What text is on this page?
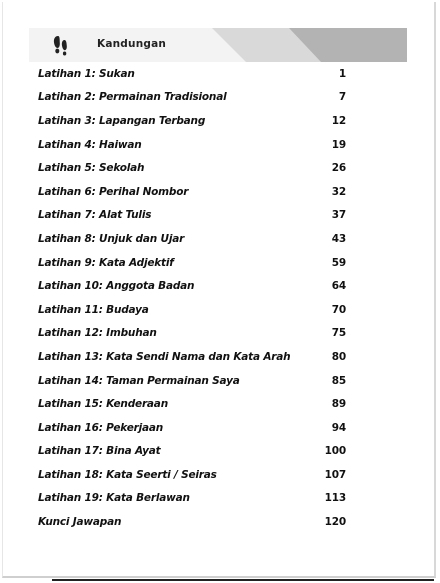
Kandungan
Latihan 1: Sukan	1
Latihan 2: Permainan Tradisional	7
Latihan 3: Lapangan Terbang	12
Latihan 4: Haiwan	19
Latihan 5: Sekolah	26
Latihan 6: Perihal Nombor	32
Latihan 7: Alat Tulis	37
Latihan 8: Unjuk dan Ujar	43
Latihan 9: Kata Adjektif	59
Latihan 10: Anggota Badan	64
Latihan 11: Budaya	70
Latihan 12: Imbuhan	75
Latihan 13: Kata Sendi Nama dan Kata Arah	80
Latihan 14: Taman Permainan Saya	85
Latihan 15: Kenderaan	89
Latihan 16: Pekerjaan	94
Latihan 17: Bina Ayat	100
Latihan 18: Kata Seerti / Seiras	107
Latihan 19: Kata Berlawan	113
Kunci Jawapan	120
